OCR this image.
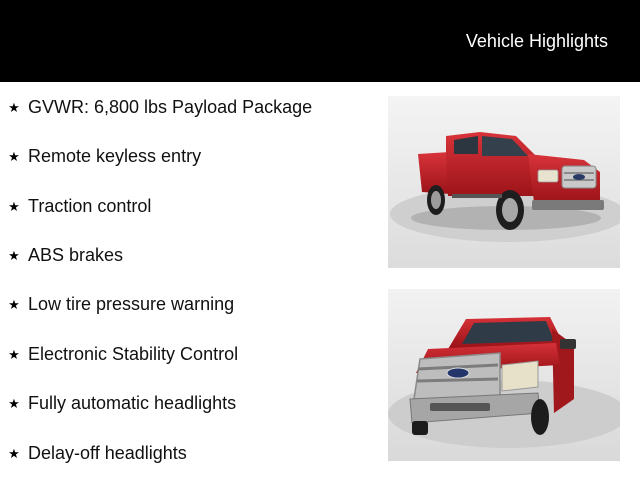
Vehicle Highlights
★ GVWR: 6,800 lbs Payload Package
★ Remote keyless entry
★ Traction control
★ ABS brakes
★ Low tire pressure warning
★ Electronic Stability Control
★ Fully automatic headlights
★ Delay-off headlights
